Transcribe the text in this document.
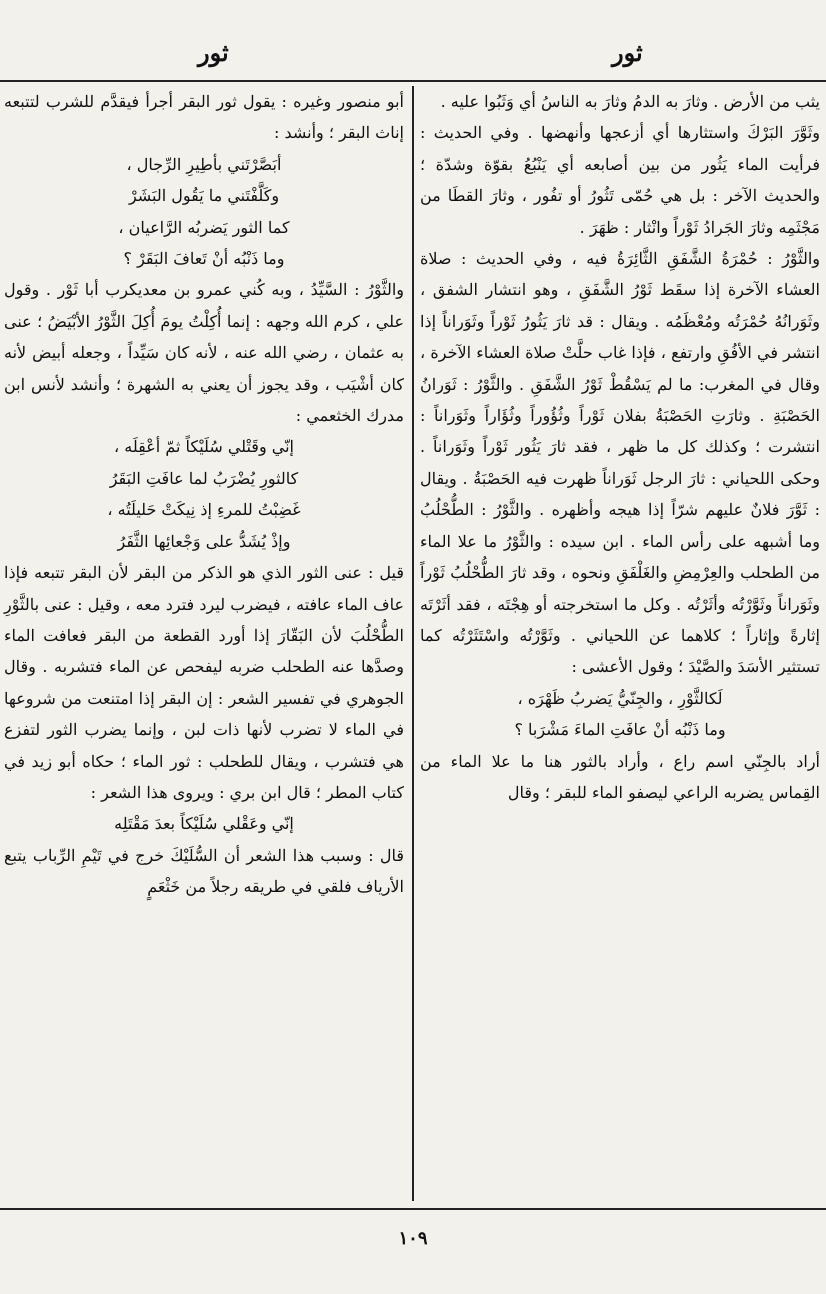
ثور
ثور

يثب من الأرض . وثارَ به الدمُ وثارَ به الناسُ أي وَثَبُوا عليه .

وثَوَّرَ البَرْكَ واستثارها أي أزعجها وأنهضها . وفي الحديث : فرأيت الماء يَثُور من بين أصابعه أي يَنْبُعُ بقوّة وشدّة ؛ والحديث الآخر : بل هي حُمّى تَثُورُ أو تفُور ، وثارَ القطَا من مَجْثَمِه وثارَ الجَرادُ ثَوْراً وانْثار : ظهَرَ .

والثَّوْرُ : حُمْرَةُ الشَّفَقِ الثَّائِرَةُ فيه ، وفي الحديث : صلاة العشاء الآخرة إذا سقَط ثَوْرُ الشَّفَقِ ، وهو انتشار الشفق ، وثَوَرانُهُ حُمْرَتُه ومُعْظَمُه . ويقال : قد ثارَ يَثُورُ ثَوْراً وثَوَراناً إذا انتشر في الأفُقِ وارتفع ، فإذا غاب حلَّتْ صلاة العشاء الآخرة ، وقال في المغرب: ما لم يَسْقُطْ ثَوْرُ الشَّفَقِ . والثَّوْرُ : ثَوَرانُ الحَصْبَةِ . وثارَتِ الحَصْبَةُ بفلان ثَوْراً وثُؤُوراً وثُؤَاراً وثَوَراناً : انتشرت ؛ وكذلك كل ما ظهر ، فقد ثارَ يَثُور ثَوْراً وثَوَراناً . وحكى اللحياني : ثارَ الرجل ثَوَراناً ظهرت فيه الحَصْبَةُ . ويقال : ثَوَّرَ فلانٌ عليهم شرّاً إذا هيجه وأظهره . والثَّوْرُ : الطُّحْلُبُ وما أشبهه على رأس الماء . ابن سيده : والثَّوْرُ ما علا الماء من الطحلب والعِرْمِضِ والغَلْفَقِ ونحوه ، وقد ثارَ الطُّحْلُبُ ثَوْراً وثَوَراناً وثَوَّرْتُه وأثَرْتُه . وكل ما استخرجته أو هِجْتَه ، فقد أثَرْتَه إثارةً وإثاراً ؛ كلاهما عن اللحياني . وثَوَّرْتُه واسْتَثَرْتُه كما تستثير الأسَدَ والصَّيْدَ ؛ وقول الأعشى :

لَكالثَّوْرِ ، والجِنّيُّ يَضربُ ظَهْرَه ،

وما ذَنْبُه أنْ عافَتِ الماءَ مَشْرَبا ؟

أراد بالجِنّي اسم راع ، وأراد بالثور هنا ما علا الماء من القِماس يضربه الراعي ليصفو الماء للبقر ؛ وقال

أبو منصور وغيره : يقول ثور البقر أجرأ فيقدَّم للشرب لتتبعه إناث البقر ؛ وأنشد :

أبَصَّرْتَني بأطِيرِ الرِّجال ،

وكَلَّفْتَني ما يَقُول البَشَرْ

كما الثور يَضربُه الرَّاعيان ،

وما ذَنْبُه أنْ تَعافَ البَقَرْ ؟

والثَّوْرُ : السَّيِّدُ ، وبه كُني عمرو بن معديكرب أبا ثَوْر . وقول علي ، كرم الله وجهه : إنما أُكِلْتُ يومَ أُكِلَ الثَّوْرُ الأبْيَضُ ؛ عنى به عثمان ، رضي الله عنه ، لأنه كان سَيِّداً ، وجعله أبيض لأنه كان أشْيَب ، وقد يجوز أن يعني به الشهرة ؛ وأنشد لأنس ابن مدرك الخثعمي :

إنّي وقَتْلي سُلَيْكاً ثمّ أعْقِلَه ،

كالثورِ يُضْرَبُ لما عافَتِ البَقَرُ

غَضِبْتُ للمرءِ إذ نِيكَتْ حَليلَتُه ،

وإذْ يُشَدُّ على وَجْعائِها الثَّفَرُ

قيل : عنى الثور الذي هو الذكر من البقر لأن البقر تتبعه فإذا عاف الماء عافته ، فيضرب ليرد فترد معه ، وقيل : عنى بالثَّوْرِ الطُّحْلُبَ لأن البَقّارَ إذا أورد القطعة من البقر فعافت الماء وصدَّها عنه الطحلب ضربه ليفحص عن الماء فتشربه . وقال الجوهري في تفسير الشعر : إن البقر إذا امتنعت من شروعها في الماء لا تضرب لأنها ذات لبن ، وإنما يضرب الثور لتفزع هي فتشرب ، ويقال للطحلب : ثور الماء ؛ حكاه أبو زيد في كتاب المطر ؛ قال ابن بري : ويروى هذا الشعر :

إنّي وعَقْلي سُلَيْكاً بعدَ مَقْتَلِه

قال : وسبب هذا الشعر أن السُّلَيْكَ خرج في تَيْمِ الرِّباب يتبع الأرياف فلقي في طريقه رجلاً من خَثْعَمٍ

١٠٩
